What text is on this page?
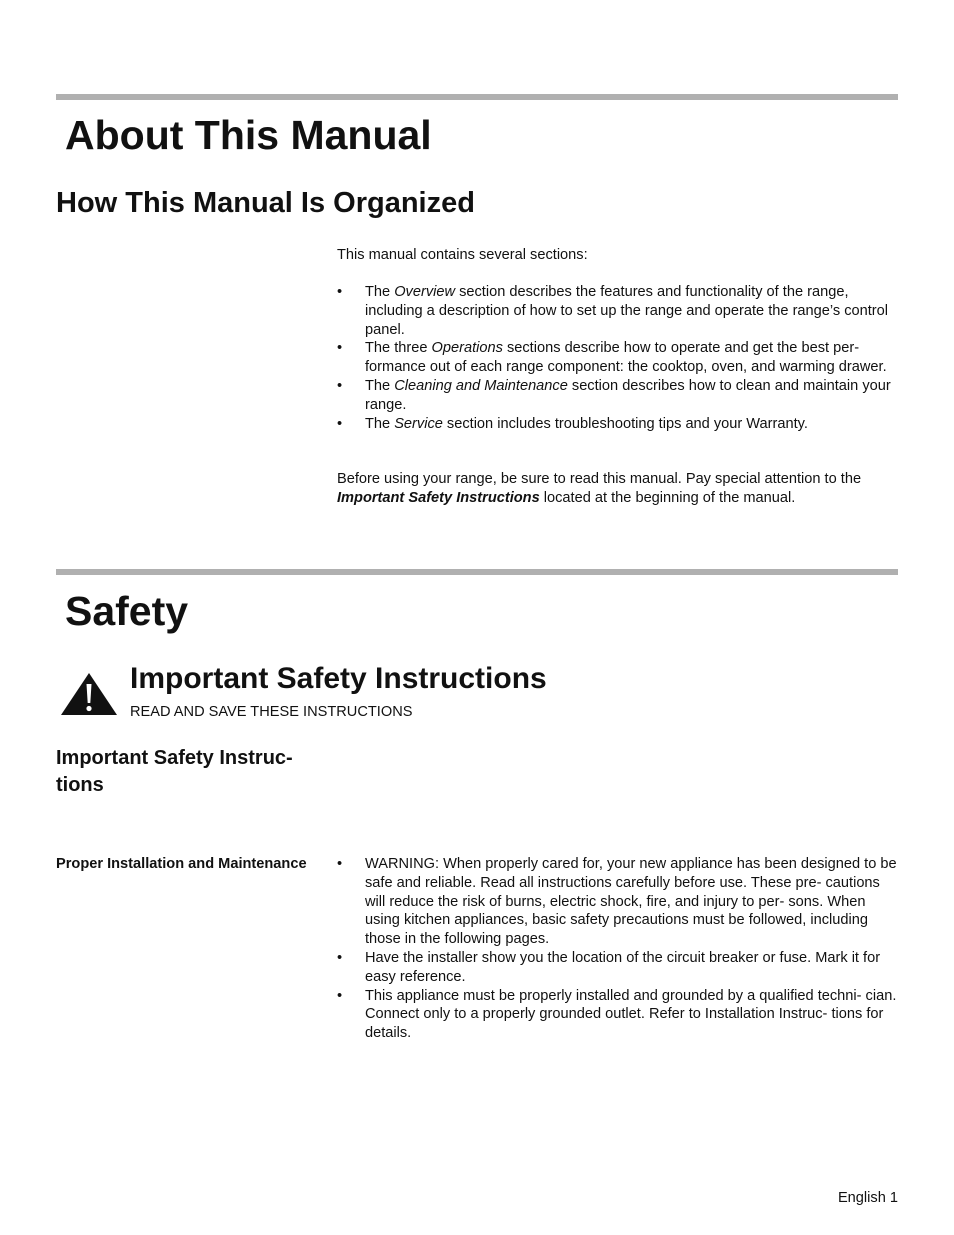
About This Manual
How This Manual Is Organized

This manual contains several sections:

• The Overview section describes the features and functionality of the range, including a description of how to set up the range and operate the range’s control panel.
• The three Operations sections describe how to operate and get the best per- formance out of each range component: the cooktop, oven, and warming drawer.
• The Cleaning and Maintenance section describes how to clean and maintain your range.
• The Service section includes troubleshooting tips and your Warranty.

Before using your range, be sure to read this manual. Pay special attention to the Important Safety Instructions located at the beginning of the manual.

Safety
Important Safety Instructions
READ AND SAVE THESE INSTRUCTIONS
Important Safety Instruc- tions
Proper Installation and Maintenance	• WARNING: When properly cared for, your new appliance has been designed to be safe and reliable. Read all instructions carefully before use. These pre- cautions will reduce the risk of burns, electric shock, fire, and injury to per- sons. When using kitchen appliances, basic safety precautions must be followed, including those in the following pages.
• Have the installer show you the location of the circuit breaker or fuse. Mark it for easy reference.
• This appliance must be properly installed and grounded by a qualified techni- cian. Connect only to a properly grounded outlet. Refer to Installation Instruc- tions for details.
English 1
